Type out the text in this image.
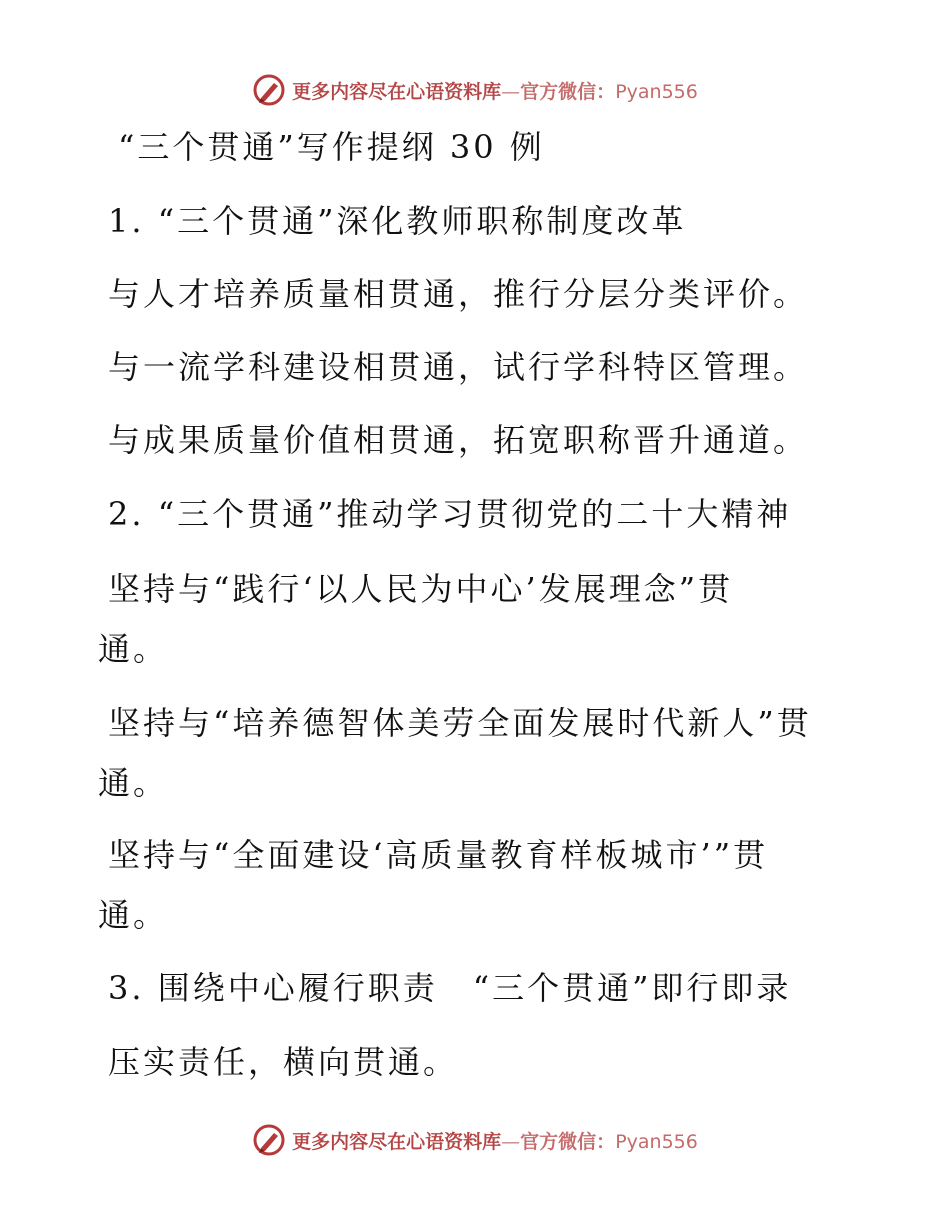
更多内容尽在心语资料库—官方微信：Pyan556
“三个贯通”写作提纲 30 例
1. “三个贯通”深化教师职称制度改革
与人才培养质量相贯通，推行分层分类评价。
与一流学科建设相贯通，试行学科特区管理。
与成果质量价值相贯通，拓宽职称晋升通道。
2. “三个贯通”推动学习贯彻党的二十大精神
坚持与“践行‘以人民为中心’发展理念”贯
通。
坚持与“培养德智体美劳全面发展时代新人”贯
通。
坚持与“全面建设‘高质量教育样板城市’”贯
通。
3. 围绕中心履行职责　“三个贯通”即行即录
压实责任，横向贯通。
更多内容尽在心语资料库—官方微信：Pyan556
